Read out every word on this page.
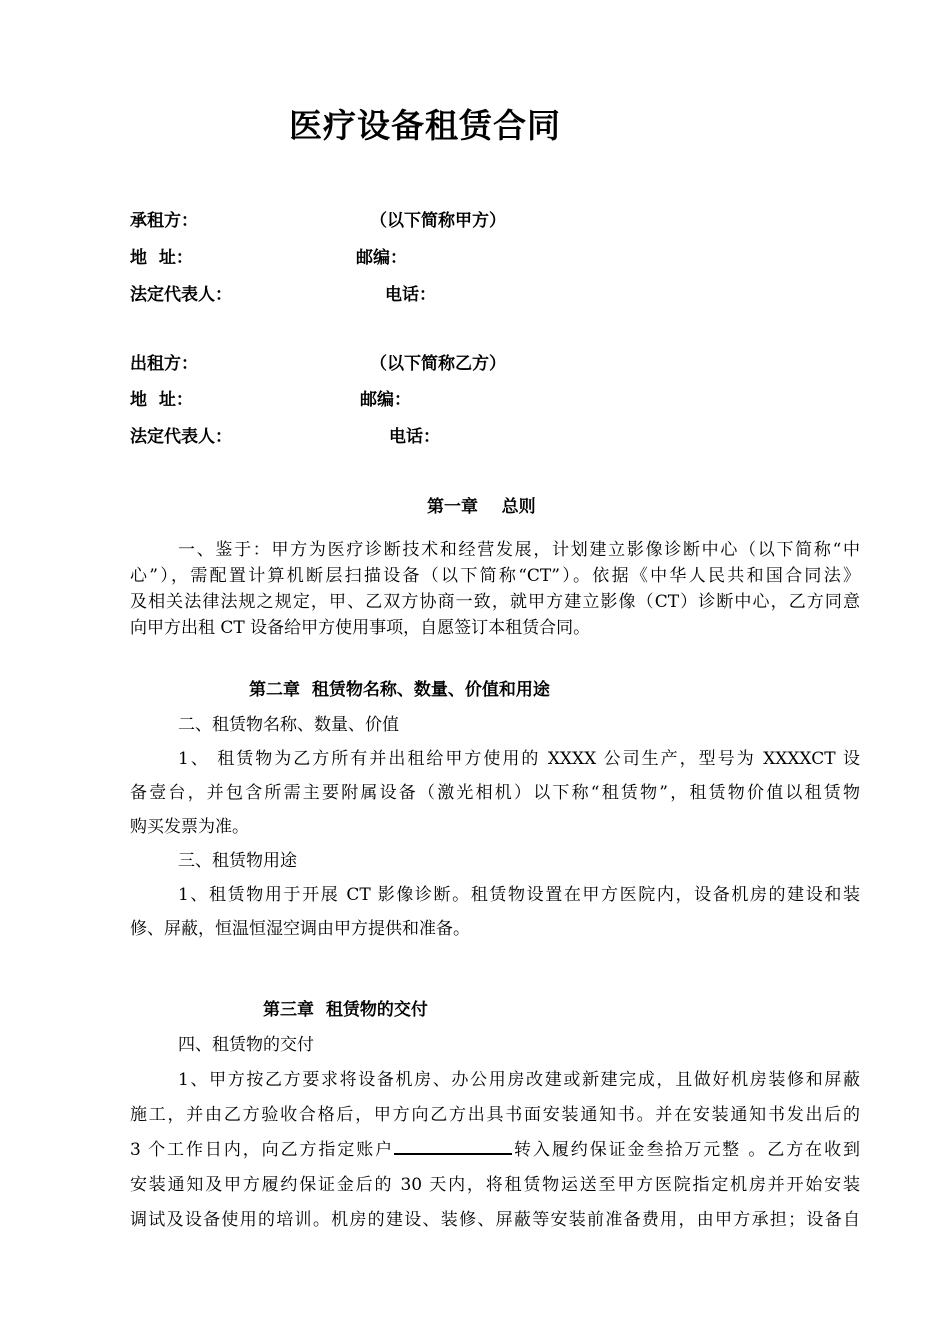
医疗设备租赁合同
承租方：	（以下简称甲方）
地  址：	邮编：
法定代表人：	电话：
出租方：	（以下简称乙方）
地  址：	邮编：
法定代表人：	电话：
第一章    总则
一、鉴于：甲方为医疗诊断技术和经营发展，计划建立影像诊断中心（以下简称“中
心”），需配置计算机断层扫描设备（以下简称“CT”）。依据《中华人民共和国合同法》
及相关法律法规之规定，甲、乙双方协商一致，就甲方建立影像（CT）诊断中心，乙方同意
向甲方出租 CT 设备给甲方使用事项，自愿签订本租赁合同。
第二章  租赁物名称、数量、价值和用途
二、租赁物名称、数量、价值
1、 租赁物为乙方所有并出租给甲方使用的 XXXX 公司生产，型号为 XXXXCT 设
备壹台，并包含所需主要附属设备（激光相机）以下称“租赁物”，租赁物价值以租赁物
购买发票为准。
三、租赁物用途
1、租赁物用于开展 CT 影像诊断。租赁物设置在甲方医院内，设备机房的建设和装
修、屏蔽，恒温恒湿空调由甲方提供和准备。
第三章  租赁物的交付
四、租赁物的交付
1、甲方按乙方要求将设备机房、办公用房改建或新建完成，且做好机房装修和屏蔽
施工，并由乙方验收合格后，甲方向乙方出具书面安装通知书。并在安装通知书发出后的
3 个工作日内，向乙方指定账户	转入履约保证金叁拾万元整 。乙方在收到
安装通知及甲方履约保证金后的 30 天内，将租赁物运送至甲方医院指定机房并开始安装
调试及设备使用的培训。机房的建设、装修、屏蔽等安装前准备费用，由甲方承担；设备自
